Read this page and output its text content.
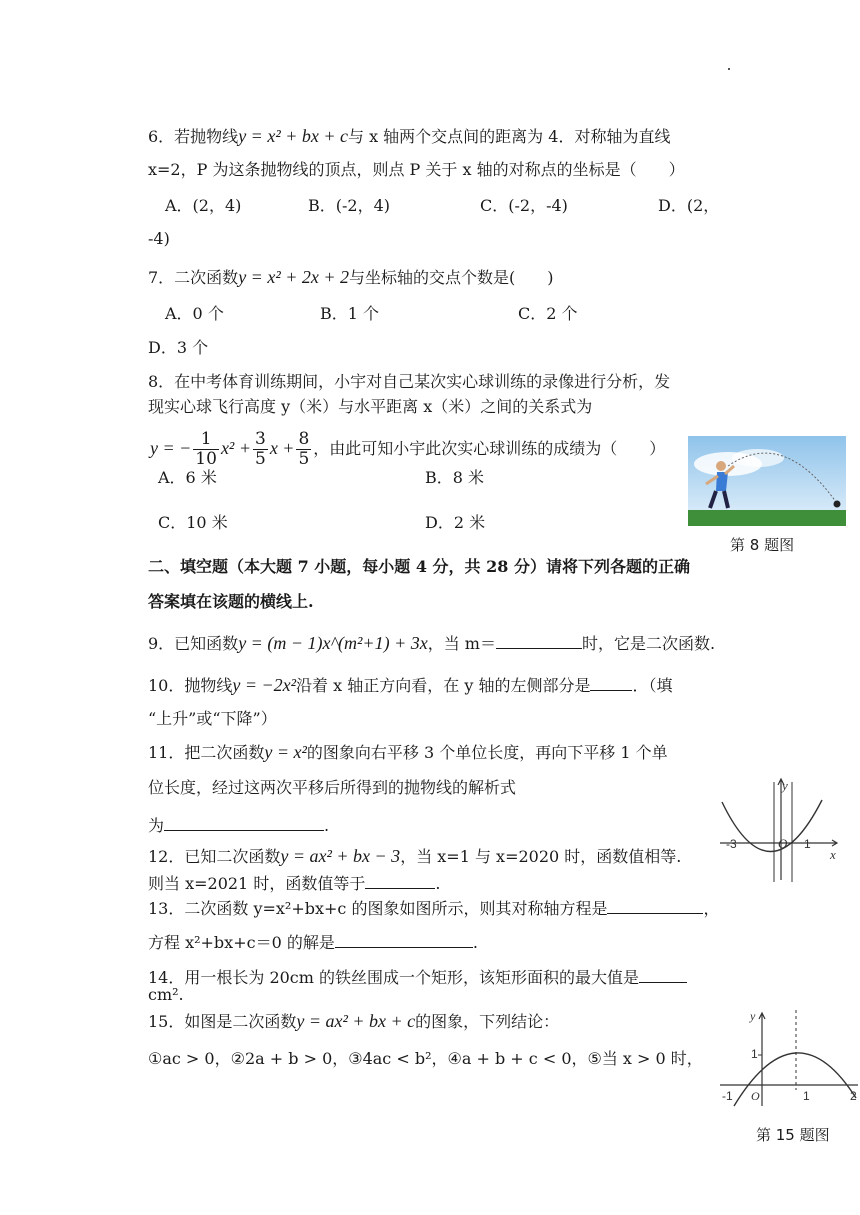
6．若抛物线y = x² + bx + c与 x 轴两个交点间的距离为 4．对称轴为直线
x=2，P 为这条抛物线的顶点，则点 P 关于 x 轴的对称点的坐标是（　　）
A．(2，4)	B．(-2，4)	C．(-2，-4)	D．(2，
-4)
7．二次函数y = x² + 2x + 2与坐标轴的交点个数是(　　)
A．0 个	B．1 个	C．2 个
D．3 个
8．在中考体育训练期间，小宇对自己某次实心球训练的录像进行分析，发
现实心球飞行高度 y（米）与水平距离 x（米）之间的关系式为
y = − $\frac{1}{10} x^2 + \frac{3}{5}$ $x + \frac{8}{5}$ ，由此可知小宇此次实心球训练的成绩为（　　）
A．6 米	B．8 米
C．10 米	D．2 米
第 8 题图
二、填空题（本大题 7 小题，每小题 4 分，共 28 分）请将下列各题的正确
答案填在该题的横线上.
9．已知函数y = (m − 1)x^(m²+1) + 3x，当 m＝	时，它是二次函数.
10．抛物线y = −2x²沿着 x 轴正方向看，在 y 轴的左侧部分是	．（填
“上升”或“下降”）
11．把二次函数y = x²的图象向右平移 3 个单位长度，再向下平移 1 个单
位长度，经过这两次平移后所得到的抛物线的解析式
为	.
12．已知二次函数y = ax² + bx − 3，当 x=1 与 x=2020 时，函数值相等.
则当 x=2021 时，函数值等于	.
13．二次函数 y=x²+bx+c 的图象如图所示，则其对称轴方程是	，
方程 x²+bx+c＝0 的解是	.
y
x
-3	O 1
14．用一根长为 20cm 的铁丝围成一个矩形，该矩形面积的最大值是
cm².
15．如图是二次函数y = ax² + bx + c的图象，下列结论：
①ac > 0，②2a + b > 0，③4ac < b²，④a + b + c < 0，⑤当 x > 0 时，
y
1
O
-1	1	2
第 15 题图
